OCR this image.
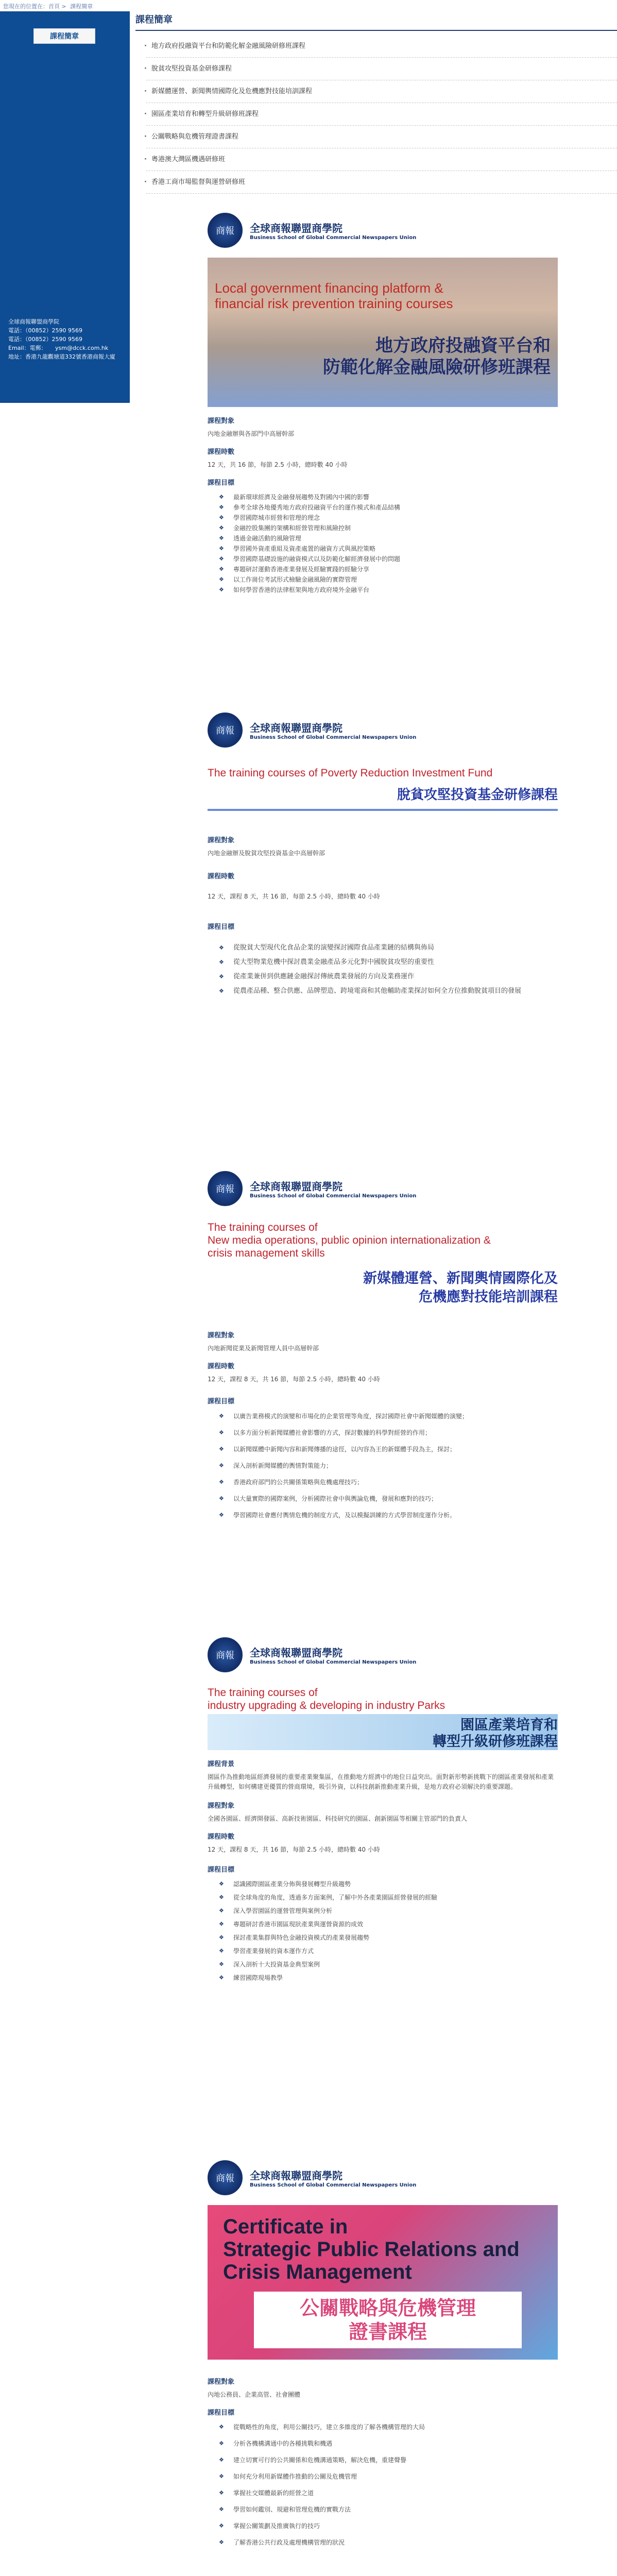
您現在的位置在：首頁 > 課程簡章
課程簡章
全球商報聯盟商學院
電話：（00852）2590 9569
電話：（00852）2590 9569
Email：電郵：　　ysm@dcck.com.hk
地址：香港九龍觀塘道332號香港商報大廈
課程簡章
· 地方政府投融資平台和防範化解金融風險研修班課程
· 脫貧攻堅投資基金研修課程
· 新媒體運營、新聞輿情國際化及危機應對技能培訓課程
· 園區產業培育和轉型升級研修班課程
· 公關戰略與危機管理證書課程
· 粵港澳大灣區機遇研修班
· 香港工商市場監督與運營研修班
商報	全球商報聯盟商學院
Business School of Global Commercial Newspapers Union
Local government financing platform &
financial risk prevention training courses
地方政府投融資平台和
防範化解金融風險研修班課程
課程對象
內地金融辦與各部門中高層幹部
課程時數
12 天，共 16 節，每節 2.5 小時，總時數 40 小時
課程目標
❖ 最新環球經濟及金融發展趨勢及對國內中國的影響
❖ 參考全球各地優秀地方政府投融資平台的運作模式和產品結構
❖ 學習國際城市經營和管理的理念
❖ 金融控股集團的架構和經營管理和風險控制
❖ 透過金融活動的風險管理
❖ 學習國外資產重組及資產處置的融資方式與風控策略
❖ 學習國際基礎設施的融資模式以及防範化解經濟發展中的問題
❖ 專題研討運動香港產業發展及經驗實踐的經驗分享
❖ 以工作崗位考試形式檢驗金融風險的實際管理
❖ 如何學習香港的法律框架與地方政府境外金融平台
商報	全球商報聯盟商學院
Business School of Global Commercial Newspapers Union
The training courses of Poverty Reduction Investment Fund
脫貧攻堅投資基金研修課程
課程對象
內地金融辦及脫貧攻堅投資基金中高層幹部
課程時數
12 天，課程 8 天，共 16 節，每節 2.5 小時，總時數 40 小時
課程目標
❖ 從脫貧大型現代化食品企業的演變探討國際食品產業鏈的結構與佈局
❖ 從大型物業危機中探討農業金融產品多元化對中國脫貧攻堅的重要性
❖ 從產業兼併到供應鏈金融探討傳統農業發展的方向及業務運作
❖ 從農產品種、整合供應、品牌塑造、跨境電商和其他輔助產業探討如何全方位推動脫貧項目的發展
商報	全球商報聯盟商學院
Business School of Global Commercial Newspapers Union
The training courses of
New media operations, public opinion internationalization &
crisis management skills
新媒體運營、新聞輿情國際化及
危機應對技能培訓課程
課程對象
內地新聞從業及新聞管理人員中高層幹部
課程時數
12 天，課程 8 天，共 16 節，每節 2.5 小時，總時數 40 小時
課程目標
❖ 以廣告業務模式的演變和市場化的企業管理等角度，探討國際社會中新聞媒體的演變；
❖ 以多方面分析新聞媒體社會影響的方式，探討數據的科學對經營的作用；
❖ 以新聞媒體中新聞內容和新聞傳播的途徑，以內容為王的新媒體手段為主，探討；
❖ 深入剖析新聞媒體的輿情對策能力；
❖ 香港政府部門的公共關係策略與危機處理技巧；
❖ 以大量實際的國際案例，分析國際社會中與輿論危機，發展和應對的技巧；
❖ 學習國際社會應付輿情危機的制度方式，及以模擬訓練的方式學習制度運作分析。
商報	全球商報聯盟商學院
Business School of Global Commercial Newspapers Union
The training courses of
industry upgrading & developing in industry Parks
園區產業培育和
轉型升級研修班課程
課程背景
園區作為推動地區經濟發展的重要產業聚集區，在推動地方經濟中的地位日益突出。面對新形勢新挑戰下的園區產業發展和產業升級轉型，如何構建更優質的營商環境，吸引外資，以科技創新推動產業升級，是地方政府必須解決的重要課題。
課程對象
全國各園區、經濟開發區、高新技術園區、科技研究的園區、創新園區等相關主管部門的負責人
課程時數
12 天，課程 8 天，共 16 節，每節 2.5 小時，總時數 40 小時
課程目標
❖ 認識國際園區產業分佈與發展轉型升級趨勢
❖ 從全球角度的角度，透過多方面案例，了解中外各產業園區經營發展的經驗
❖ 深入學習園區的運營管理與案例分析
❖ 專題研討香港市園區現狀產業與運營資源的成效
❖ 探討產業集群與特色金融投資模式的產業發展趨勢
❖ 學習產業發展的資本運作方式
❖ 深入剖析十大投資基金典型案例
❖ 練習國際現場教學
商報	全球商報聯盟商學院
Business School of Global Commercial Newspapers Union
Certificate in
Strategic Public Relations and
Crisis Management
公關戰略與危機管理
證書課程
課程對象
內地公務員、企業高管、社會團體
課程目標
❖ 從戰略性的角度，利用公關技巧，建立多維度的了解各機構管理的大局
❖ 分析各機構溝通中的各種挑戰和機遇
❖ 建立切實可行的公共關係和危機溝通策略，解決危機，重建聲譽
❖ 如何充分利用新媒體作推動的公關及危機管理
❖ 掌握社交媒體最新的經營之道
❖ 學習如何鑑別、規避和管理危機的實戰方法
❖ 掌握公關策劃及推廣執行的技巧
❖ 了解香港公共行政及處理機構管理的狀況
